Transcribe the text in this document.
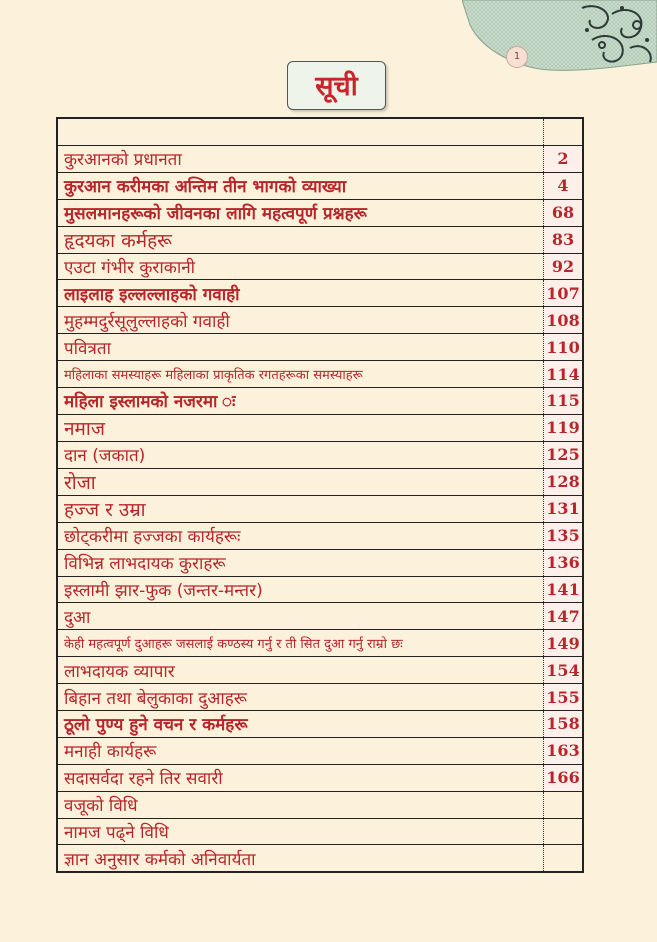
1
सूची

कुरआनको प्रधानता	2
कुरआन करीमका अन्तिम तीन भागको व्याख्या	4
मुसलमानहरूको जीवनका लागि महत्वपूर्ण प्रश्नहरू	68
हृदयका कर्महरू	83
एउटा गंभीर कुराकानी	92
लाइलाह इल्लल्लाहको गवाही	107
मुहम्मदुर्रसूलुल्लाहको गवाही	108
पवित्रता	110
महिलाका समस्याहरू महिलाका प्राकृतिक रगतहरूका समस्याहरू	114
महिला इस्लामको नजरमा ः	115
नमाज	119
दान (जकात)	125
रोजा	128
हज्ज र उम्रा	131
छोट्करीमा हज्जका कार्यहरूः	135
विभिन्न लाभदायक कुराहरू	136
इस्लामी झार-फुक (जन्तर-मन्तर)	141
दुआ	147
केही महत्वपूर्ण दुआहरू जसलाई कण्ठस्य गर्नु र ती सित दुआ गर्नु राम्रो छः	149
लाभदायक व्यापार	154
बिहान तथा बेलुकाका दुआहरू	155
ठूलो पुण्य हुने वचन र कर्महरू	158
मनाही कार्यहरू	163
सदासर्वदा रहने तिर सवारी	166
वजूको विधि	
नामज पढ्ने विधि	
ज्ञान अनुसार कर्मको अनिवार्यता	
